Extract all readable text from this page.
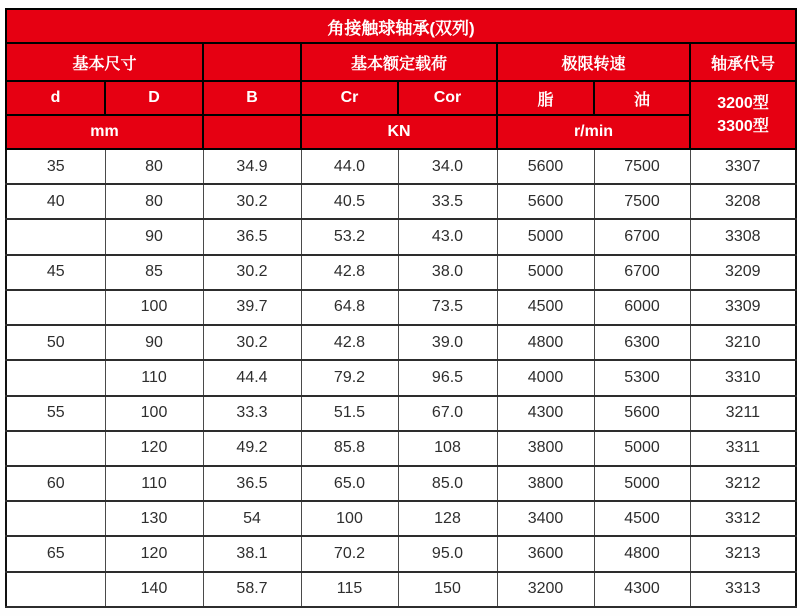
角接触球轴承(双列)							
基本尺寸			基本额定载荷		极限转速		轴承代号
d	D	B	Cr	Cor	脂	油	3200型
3300型

mm			KN		r/min		
35	80	34.9	44.0	34.0	5600	7500	3307
40	80	30.2	40.5	33.5	5600	7500	3208
	90	36.5	53.2	43.0	5000	6700	3308
45	85	30.2	42.8	38.0	5000	6700	3209
	100	39.7	64.8	73.5	4500	6000	3309
50	90	30.2	42.8	39.0	4800	6300	3210
	110	44.4	79.2	96.5	4000	5300	3310
55	100	33.3	51.5	67.0	4300	5600	3211
	120	49.2	85.8	108	3800	5000	3311
60	110	36.5	65.0	85.0	3800	5000	3212
	130	54	100	128	3400	4500	3312
65	120	38.1	70.2	95.0	3600	4800	3213
	140	58.7	115	150	3200	4300	3313
